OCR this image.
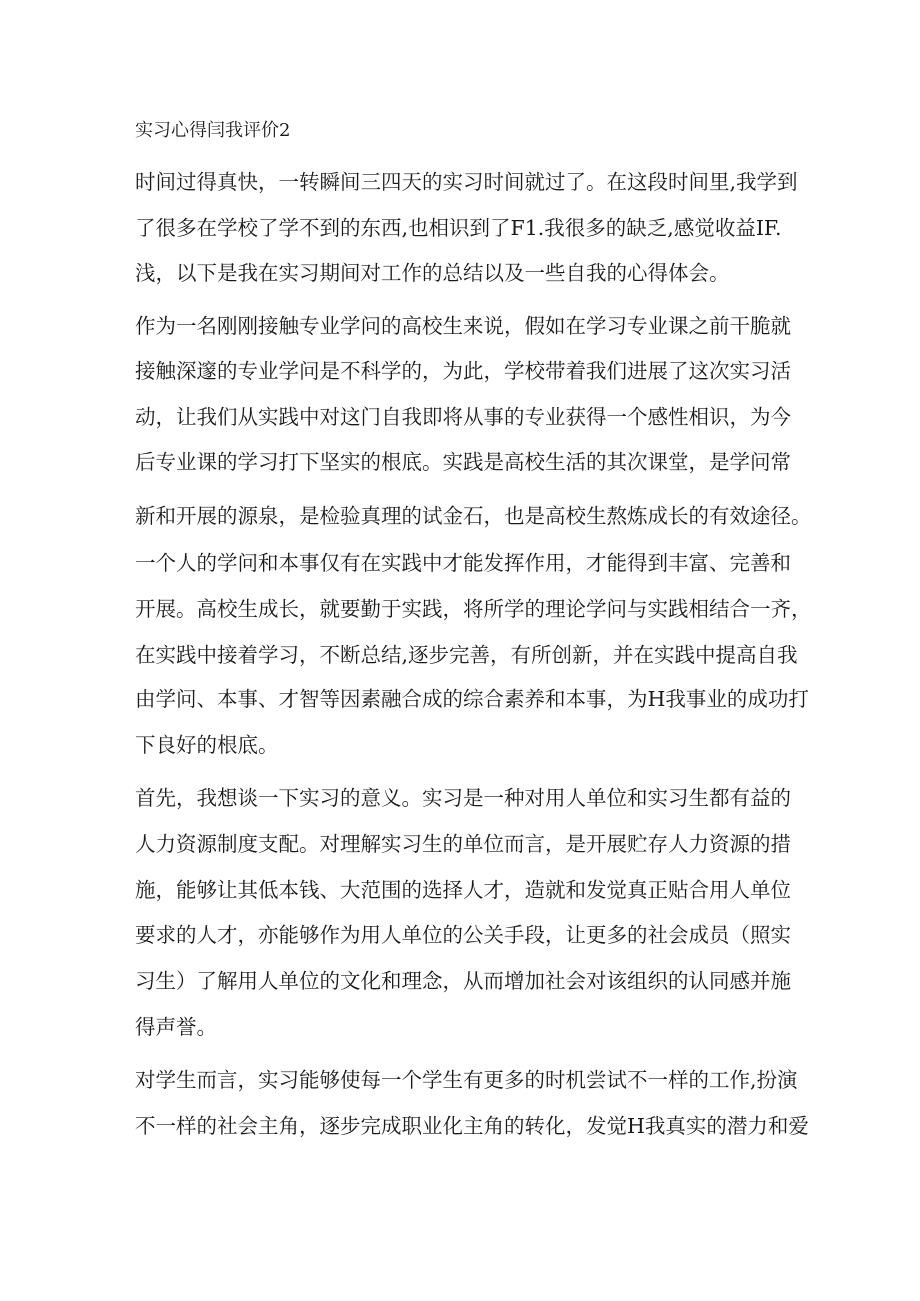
实习心得闫我评价2
时间过得真快，一转瞬间三四天的实习时间就过了。在这段时间里,我学到
了很多在学校了学不到的东西,也相识到了F1.我很多的缺乏,感觉收益IF.
浅，以下是我在实习期间对工作的总结以及一些自我的心得体会。
作为一名刚刚接触专业学问的高校生来说，假如在学习专业课之前干脆就
接触深邃的专业学问是不科学的，为此，学校带着我们进展了这次实习活
动，让我们从实践中对这门自我即将从事的专业获得一个感性相识，为今
后专业课的学习打下坚实的根底。实践是高校生活的其次课堂，是学问常
新和开展的源泉，是检验真理的试金石，也是高校生熬炼成长的有效途径。
一个人的学问和本事仅有在实践中才能发挥作用，才能得到丰富、完善和
开展。高校生成长，就要勤于实践，将所学的理论学问与实践相结合一齐，
在实践中接着学习，不断总结,逐步完善，有所创新，并在实践中提高自我
由学问、本事、才智等因素融合成的综合素养和本事，为H我事业的成功打
下良好的根底。
首先，我想谈一下实习的意义。实习是一种对用人单位和实习生都有益的
人力资源制度支配。对理解实习生的单位而言，是开展贮存人力资源的措
施，能够让其低本钱、大范围的选择人才，造就和发觉真正贴合用人单位
要求的人才，亦能够作为用人单位的公关手段，让更多的社会成员（照实
习生）了解用人单位的文化和理念，从而增加社会对该组织的认同感并施
得声誉。
对学生而言，实习能够使每一个学生有更多的时机尝试不一样的工作,扮演
不一样的社会主角，逐步完成职业化主角的转化，发觉H我真实的潜力和爱
